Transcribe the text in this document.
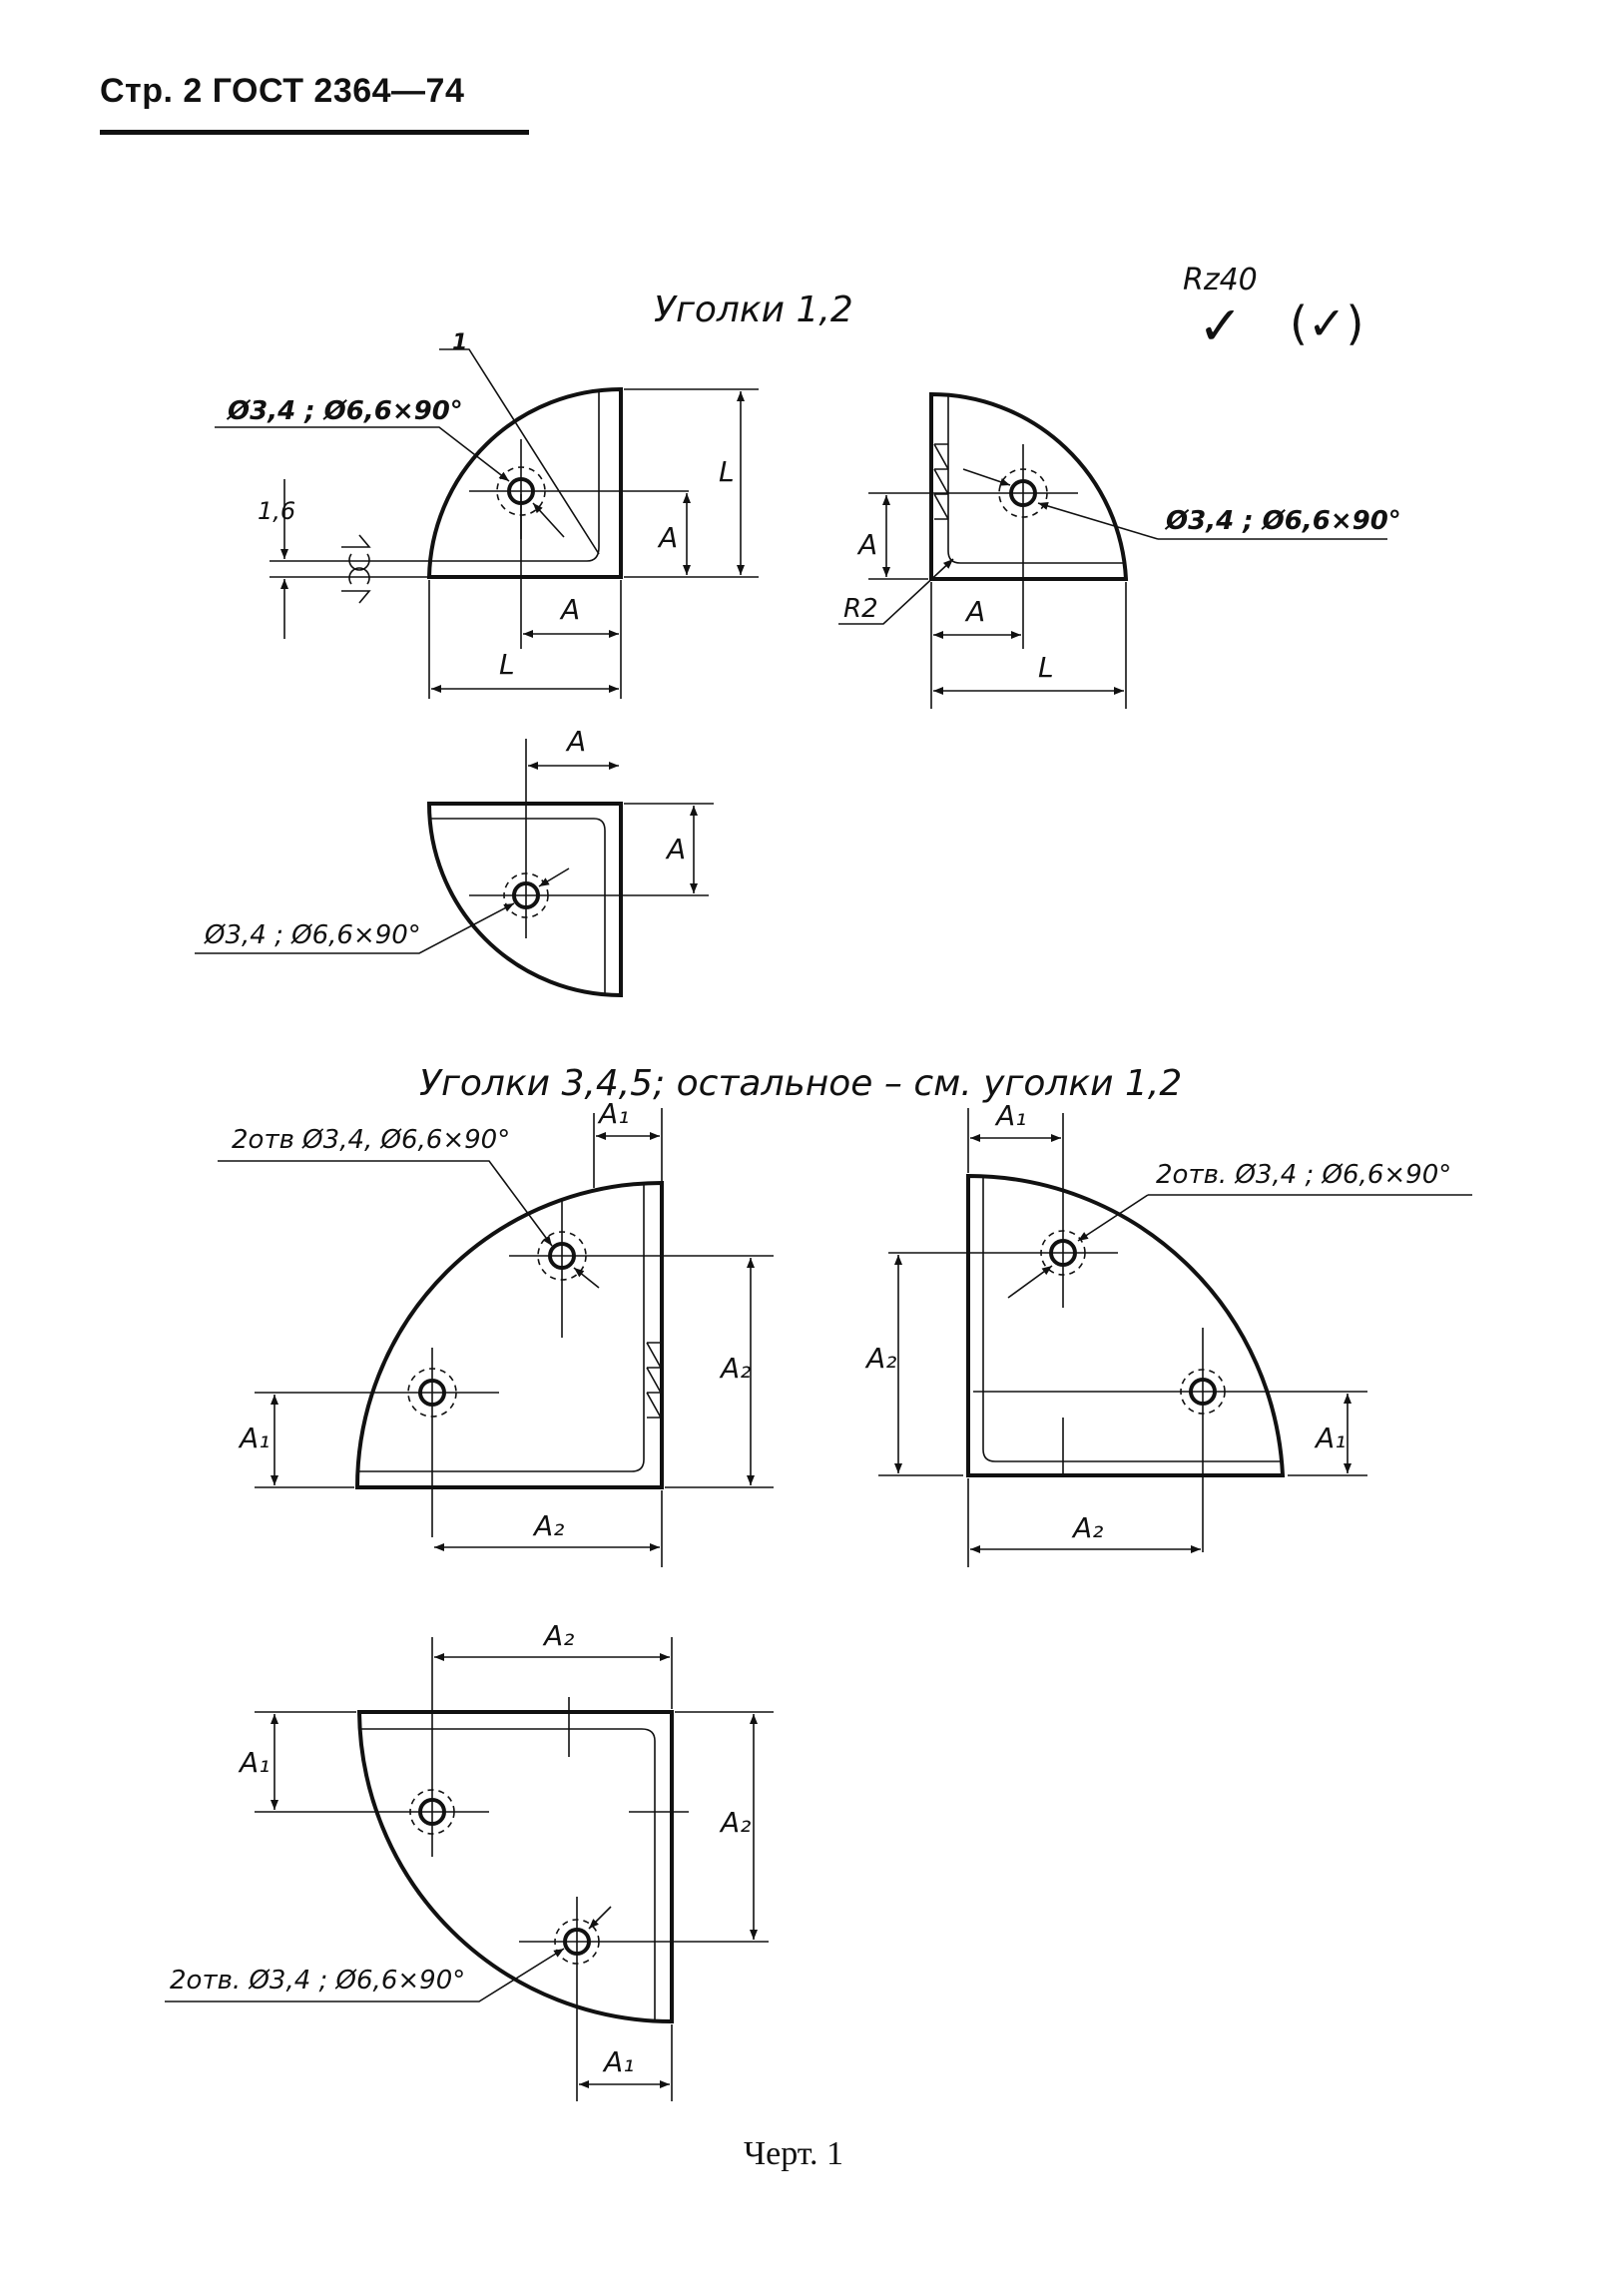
Стр. 2 ГОСТ 2364—74
Rz40
✓ (✓)
Уголки 1,2
Ø3,4 ; Ø6,6×90°
1
L
A
1,6
A
L
Ø3,4 ; Ø6,6×90°
A
R2	A
L
Ø3,4 ; Ø6,6×90°
A
A
Уголки 3,4,5; остальное – см. уголки 1,2
2отв Ø3,4, Ø6,6×90°
A₁
A₂
A₁
A₂
2отв. Ø3,4 ; Ø6,6×90°
A₁
A₂
A₁
A₂
2отв. Ø3,4 ; Ø6,6×90°
A₂
A₁
A₂
A₁
Черт. 1
